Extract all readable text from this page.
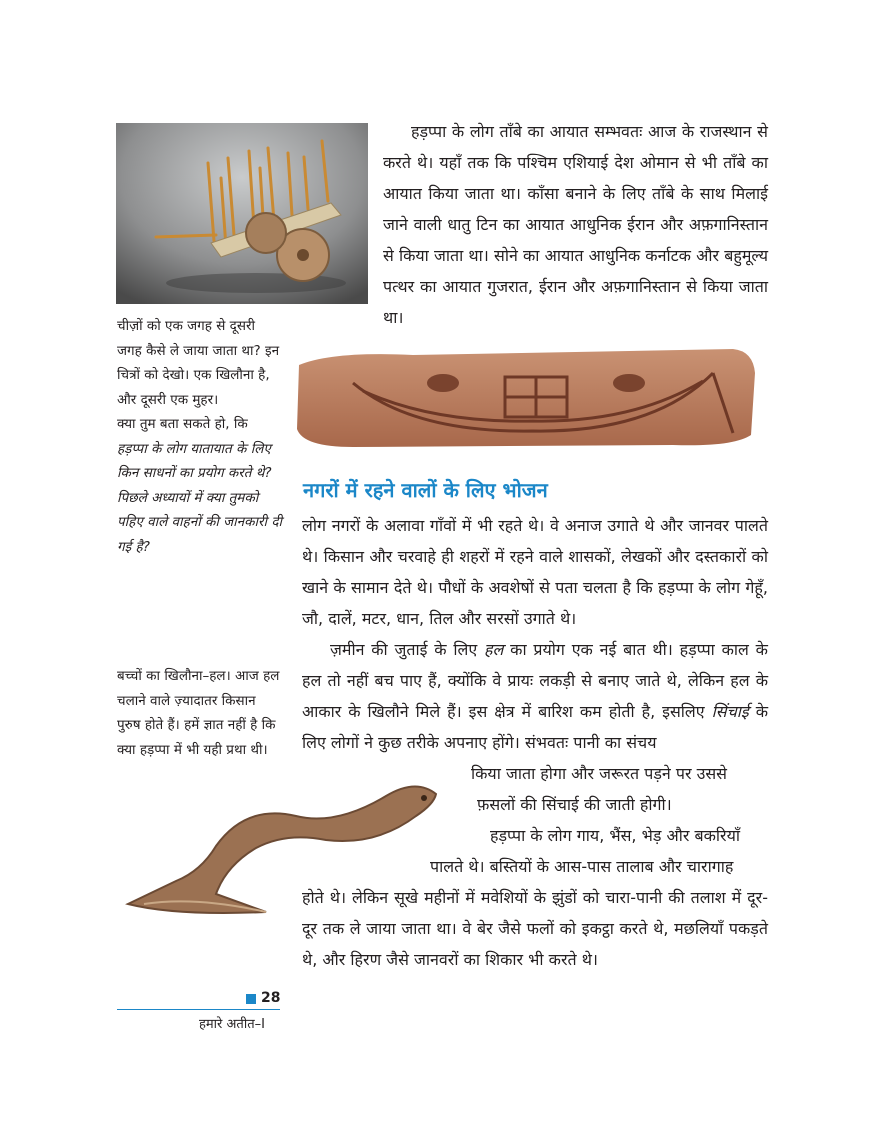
हड़प्पा के लोग ताँबे का आयात सम्भवतः आज के राजस्थान से करते थे। यहाँ तक कि पश्चिम एशियाई देश ओमान से भी ताँबे का आयात किया जाता था। काँसा बनाने के लिए ताँबे के साथ मिलाई जाने वाली धातु टिन का आयात आधुनिक ईरान और अफ़गानिस्तान से किया जाता था। सोने का आयात आधुनिक कर्नाटक और बहुमूल्य पत्थर का आयात गुजरात, ईरान और अफ़गानिस्तान से किया जाता था।

नगरों में रहने वालों के लिए भोजन

लोग नगरों के अलावा गाँवों में भी रहते थे। वे अनाज उगाते थे और जानवर पालते थे। किसान और चरवाहे ही शहरों में रहने वाले शासकों, लेखकों और दस्तकारों को खाने के सामान देते थे। पौधों के अवशेषों से पता चलता है कि हड़प्पा के लोग गेहूँ, जौ, दालें, मटर, धान, तिल और सरसों उगाते थे।

ज़मीन की जुताई के लिए हल का प्रयोग एक नई बात थी। हड़प्पा काल के हल तो नहीं बच पाए हैं, क्योंकि वे प्रायः लकड़ी से बनाए जाते थे, लेकिन हल के आकार के खिलौने मिले हैं। इस क्षेत्र में बारिश कम होती है, इसलिए सिंचाई के लिए लोगों ने कुछ तरीके अपनाए होंगे। संभवतः पानी का संचय

किया जाता होगा और जरूरत पड़ने पर उससे

फ़सलों की सिंचाई की जाती होगी।

हड़प्पा के लोग गाय, भैंस, भेड़ और बकरियाँ

पालते थे। बस्तियों के आस-पास तालाब और चारागाह

होते थे। लेकिन सूखे महीनों में मवेशियों के झुंडों को चारा-पानी की तलाश में दूर-दूर तक ले जाया जाता था। वे बेर जैसे फलों को इकट्ठा करते थे, मछलियाँ पकड़ते थे, और हिरण जैसे जानवरों का शिकार भी करते थे।

चीज़ों को एक जगह से दूसरी जगह कैसे ले जाया जाता था? इन चित्रों को देखो। एक खिलौना है, और दूसरी एक मुहर।

क्या तुम बता सकते हो, कि

हड़प्पा के लोग यातायात के लिए किन साधनों का प्रयोग करते थे?

पिछले अध्यायों में क्या तुमको पहिए वाले वाहनों की जानकारी दी गई है?

बच्चों का खिलौना–हल। आज हल चलाने वाले ज़्यादातर किसान पुरुष होते हैं। हमें ज्ञात नहीं है कि क्या हड़प्पा में भी यही प्रथा थी।

28
हमारे अतीत–I
